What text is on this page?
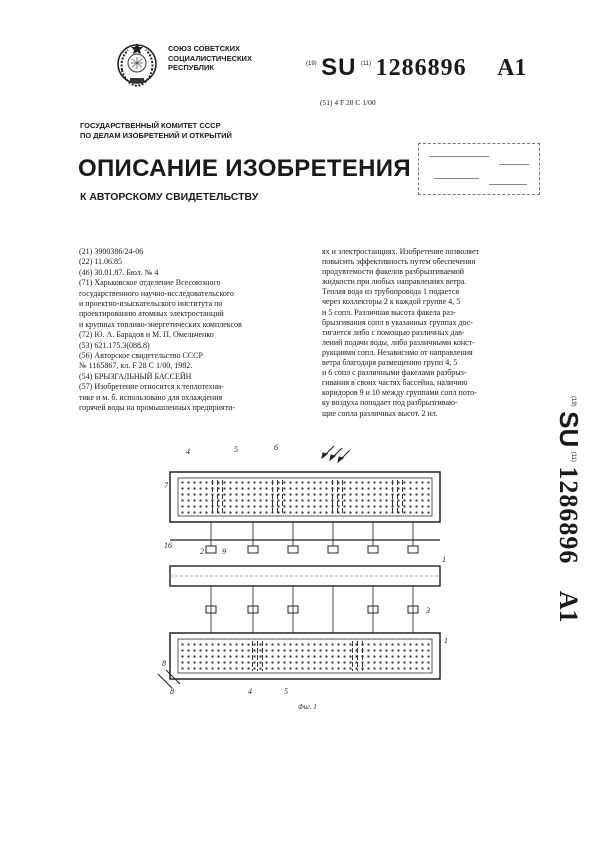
СОЮЗ СОВЕТСКИХ
СОЦИАЛИСТИЧЕСКИХ
РЕСПУБЛИК	$^{(19)}$ SU $^{(11)}$ 1286896 A1
(51) 4 F 28 C 1/00
ГОСУДАРСТВЕННЫЙ КОМИТЕТ СССР
ПО ДЕЛАМ ИЗОБРЕТЕНИЙ И ОТКРЫТИЙ
ОПИСАНИЕ ИЗОБРЕТЕНИЯ
К АВТОРСКОМУ СВИДЕТЕЛЬСТВУ
(21) 3900386/24-06
(22) 11.06.85
(46) 30.01.87. Бюл. № 4
(71) Харьковское отделение Всесоюзного
государственного научно-исследовательского
и проектно-изыскательского института по
проектированию атомных электростанций
и крупных топливо-энергетических комплексов
(72) Ю. А. Барадов и М. П. Омельченко
(53) 621.175.3(088.8)
(56) Авторское свидетельство СССР
№ 1165867, кл. F 28 C 1/00, 1982.
(54) БРЫЗГАЛЬНЫЙ БАССЕЙН
(57) Изобретение относится к теплотехни-
тике и м. б. использовано для охлаждения
горячей воды на промышленных предприяти-
ях и электростанциях. Изобретение позволяет
повысить эффективность путем обеспечения
продувтемости факелов разбрызгиваемой
жидкости при любых направлениях ветра.
Теплая вода из трубопровода 1 подается
через коллекторы 2 к каждой группе 4, 5
и 5 сопл. Различная высота факела раз-
брызгивания сопл в указанных группах дос-
тигается либо с помощью различных дав-
лений подачи воды, либо различными конст-
рукциями сопл. Независимо от направления
ветра благодаря размещению групп 4, 5
и 6 сопл с различными факелами разбрыз-
гивания в своих частях бассейна, наличию
коридоров 9 и 10 между группами сопл пото-
ку воздуха попадает под разбрызгиваю-
щие сопла различных высот. 2 ил.
$^{(19)}$ SU $^{(11)}$ 1286896 A1
4	5	6
7
16
2 9
1
8
8	4	5
3
1
Фиг. 1
